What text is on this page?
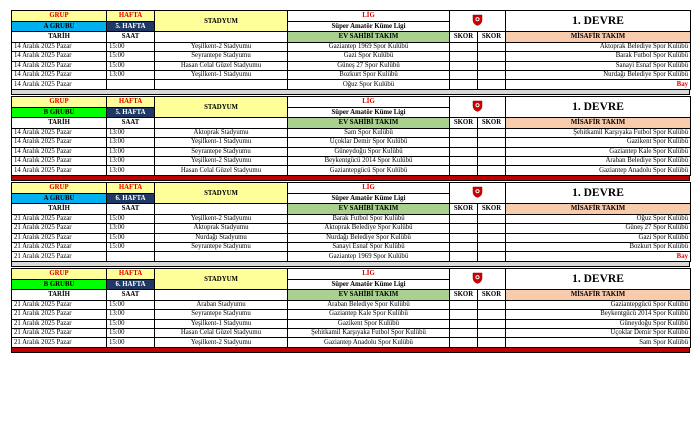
GRUP	HAFTA	STADYUM	LİG			1. DEVRE
A GRUBU	5. HAFTA		Süper Amatör Küme Ligi			
TARİH	SAAT		EV SAHİBİ TAKIM	SKOR	SKOR	MİSAFİR TAKIM
14 Aralık 2025 Pazar	15:00	Yeşilkent-2 Stadyumu	Gaziantep 1969 Spor Kulübü			Aktoprak Belediye Spor Kulübü
14 Aralık 2025 Pazar	15:00	Seyrantepe Stadyumu	Gazi Spor Kulübü			Barak Futbol Spor Kulübü
14 Aralık 2025 Pazar	15:00	Hasan Celal Güzel Stadyumu	Güneş 27 Spor Kulübü			Sanayi Esnaf Spor Kulübü
14 Aralık 2025 Pazar	13:00	Yeşilkent-1 Stadyumu	Bozkurt Spor Kulübü			Nurdağı Belediye Spor Kulübü
14 Aralık 2025 Pazar			Oğuz Spor Kulübü			Bay
GRUP	HAFTA	STADYUM	LİG			1. DEVRE
B GRUBU	5. HAFTA		Süper Amatör Küme Ligi			
TARİH	SAAT		EV SAHİBİ TAKIM	SKOR	SKOR	MİSAFİR TAKIM
14 Aralık 2025 Pazar	13:00	Aktoprak Stadyumu	Sam Spor Kulübü			Şehitkamil Karşıyaka Futbol Spor Kulübü
14 Aralık 2025 Pazar	13:00	Yeşilkent-1 Stadyumu	Üçoklar Demir Spor Kulübü			Gazikent Spor Kulübü
14 Aralık 2025 Pazar	13:00	Seyrantepe Stadyumu	Güneydoğu Spor Kulübü			Gaziantep Kale Spor Kulübü
14 Aralık 2025 Pazar	13:00	Yeşilkent-2 Stadyumu	Beykentgücü 2014 Spor Kulübü			Araban Belediye Spor Kulübü
14 Aralık 2025 Pazar	13:00	Hasan Celal Güzel Stadyumu	Gaziantepgücü Spor Kulübü			Gaziantep Anadolu Spor Kulübü
GRUP	HAFTA	STADYUM	LİG			1. DEVRE
A GRUBU	6. HAFTA		Süper Amatör Küme Ligi			
TARİH	SAAT		EV SAHİBİ TAKIM	SKOR	SKOR	MİSAFİR TAKIM
21 Aralık 2025 Pazar	15:00	Yeşilkent-2 Stadyumu	Barak Futbol Spor Kulübü			Oğuz Spor Kulübü
21 Aralık 2025 Pazar	13:00	Aktoprak Stadyumu	Aktoprak Belediye Spor Kulübü			Güneş 27 Spor Kulübü
21 Aralık 2025 Pazar	15:00	Nurdağı Stadyumu	Nurdağı Belediye Spor Kulübü			Gazi Spor Kulübü
21 Aralık 2025 Pazar	15:00	Seyrantepe Stadyumu	Sanayi Esnaf Spor Kulübü			Bozkurt Spor Kulübü
21 Aralık 2025 Pazar			Gaziantep 1969 Spor Kulübü			Bay
GRUP	HAFTA	STADYUM	LİG			1. DEVRE
B GRUBU	6. HAFTA		Süper Amatör Küme Ligi			
TARİH	SAAT		EV SAHİBİ TAKIM	SKOR	SKOR	MİSAFİR TAKIM
21 Aralık 2025 Pazar	15:00	Araban Stadyumu	Araban Belediye Spor Kulübü			Gaziantepgücü Spor Kulübü
21 Aralık 2025 Pazar	13:00	Seyrantepe Stadyumu	Gaziantep Kale Spor Kulübü			Beykentgücü 2014 Spor Kulübü
21 Aralık 2025 Pazar	15:00	Yeşilkent-1 Stadyumu	Gazikent Spor Kulübü			Güneydoğu Spor Kulübü
21 Aralık 2025 Pazar	15:00	Hasan Celal Güzel Stadyumu	Şehitkamil Karşıyaka Futbol Spor Kulübü			Üçoklar Demir Spor Kulübü
21 Aralık 2025 Pazar	15:00	Yeşilkent-2 Stadyumu	Gaziantep Anadolu Spor Kulübü			Sam Spor Kulübü
